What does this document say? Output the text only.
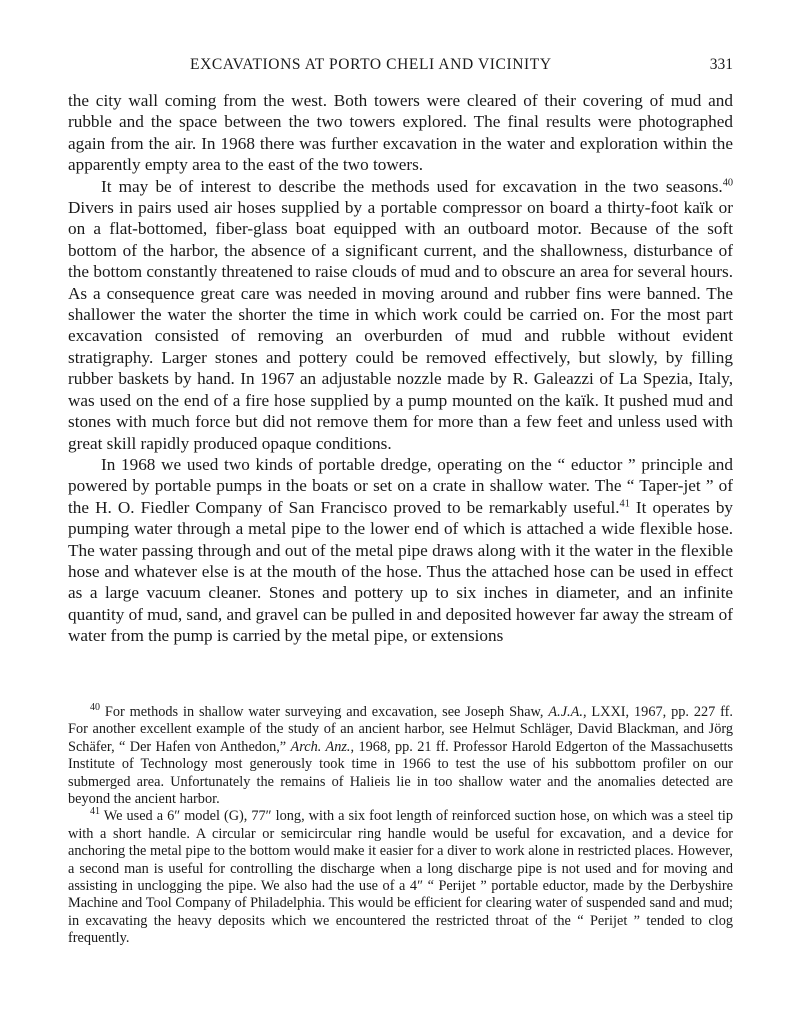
EXCAVATIONS AT PORTO CHELI AND VICINITY	331

the city wall coming from the west. Both towers were cleared of their covering of mud and rubble and the space between the two towers explored. The final results were photographed again from the air. In 1968 there was further excavation in the water and exploration within the apparently empty area to the east of the two towers.

It may be of interest to describe the methods used for excavation in the two seasons.$^{40}$ Divers in pairs used air hoses supplied by a portable compressor on board a thirty-foot kaïk or on a flat-bottomed, fiber-glass boat equipped with an outboard motor. Because of the soft bottom of the harbor, the absence of a significant current, and the shallowness, disturbance of the bottom constantly threatened to raise clouds of mud and to obscure an area for several hours. As a consequence great care was needed in moving around and rubber fins were banned. The shallower the water the shorter the time in which work could be carried on. For the most part excavation consisted of removing an overburden of mud and rubble without evident stratigraphy. Larger stones and pottery could be removed effectively, but slowly, by filling rubber baskets by hand. In 1967 an adjustable nozzle made by R. Galeazzi of La Spezia, Italy, was used on the end of a fire hose supplied by a pump mounted on the kaïk. It pushed mud and stones with much force but did not remove them for more than a few feet and unless used with great skill rapidly produced opaque conditions.

In 1968 we used two kinds of portable dredge, operating on the “ eductor ” principle and powered by portable pumps in the boats or set on a crate in shallow water. The “ Taper-jet ” of the H. O. Fiedler Company of San Francisco proved to be remarkably useful.$^{41}$ It operates by pumping water through a metal pipe to the lower end of which is attached a wide flexible hose. The water passing through and out of the metal pipe draws along with it the water in the flexible hose and whatever else is at the mouth of the hose. Thus the attached hose can be used in effect as a large vacuum cleaner. Stones and pottery up to six inches in diameter, and an infinite quantity of mud, sand, and gravel can be pulled in and deposited however far away the stream of water from the pump is carried by the metal pipe, or extensions

$^{40}$ For methods in shallow water surveying and excavation, see Joseph Shaw, A.J.A., LXXI, 1967, pp. 227 ff. For another excellent example of the study of an ancient harbor, see Helmut Schläger, David Blackman, and Jörg Schäfer, “ Der Hafen von Anthedon,” Arch. Anz., 1968, pp. 21 ff. Professor Harold Edgerton of the Massachusetts Institute of Technology most generously took time in 1966 to test the use of his subbottom profiler on our submerged area. Unfortunately the remains of Halieis lie in too shallow water and the anomalies detected are beyond the ancient harbor.

$^{41}$ We used a 6″ model (G), 77″ long, with a six foot length of reinforced suction hose, on which was a steel tip with a short handle. A circular or semicircular ring handle would be useful for excavation, and a device for anchoring the metal pipe to the bottom would make it easier for a diver to work alone in restricted places. However, a second man is useful for controlling the discharge when a long discharge pipe is not used and for moving and assisting in unclogging the pipe. We also had the use of a 4″ “ Perijet ” portable eductor, made by the Derbyshire Machine and Tool Company of Philadelphia. This would be efficient for clearing water of suspended sand and mud; in excavating the heavy deposits which we encountered the restricted throat of the “ Perijet ” tended to clog frequently.
